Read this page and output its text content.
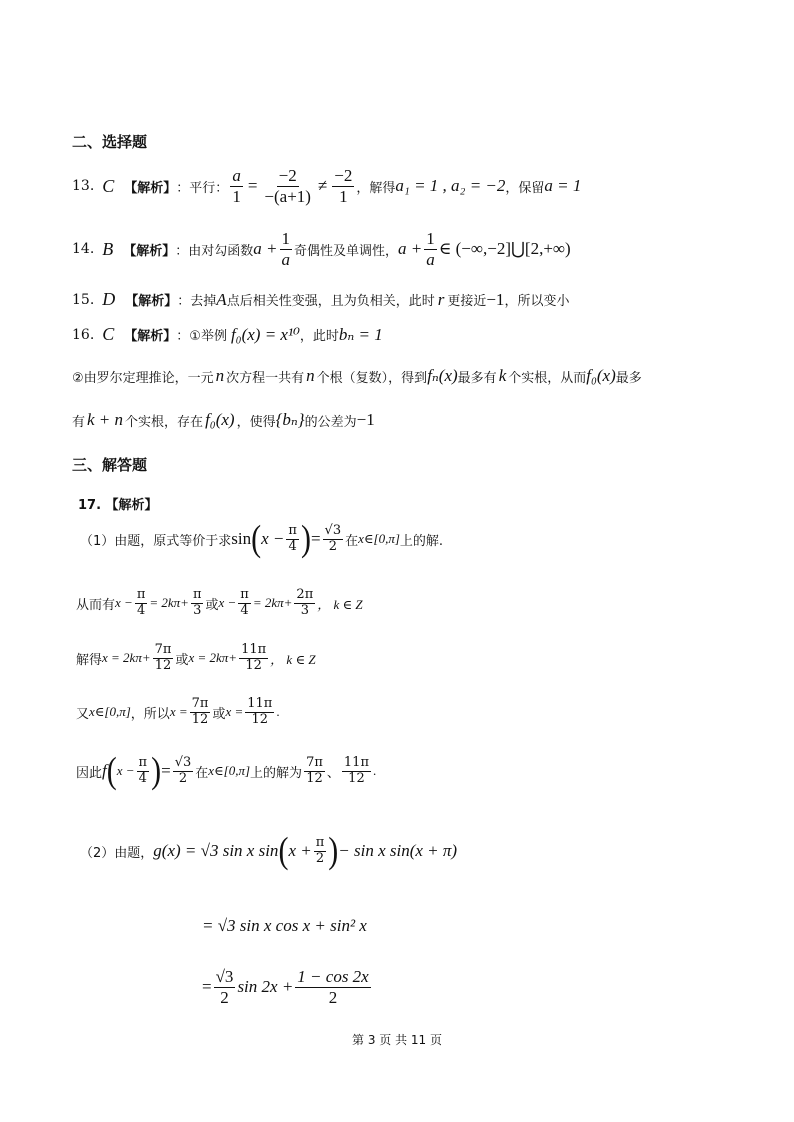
二、选择题
13. C 【解析】 ：平行： $\frac{a}{1} = \frac{-2}{-(a+1)} \ne \frac{-2}{1}$ ，解得 a₁ = 1 , a₂ = −2 ，保留 a = 1
14. B 【解析】 ：由对勾函数 $a + \frac{1}{a}$ 奇偶性及单调性， $a + \frac{1}{a}$ ∈ (−∞,−2]⋃[2,+∞)
15. D 【解析】 ：去掉 A 点后相关性变强，且为负相关，此时 r 更接近 −1 ，所以变小
16. C 【解析】 ：①举例 f₀(x) = x¹⁰ ，此时 bₙ = 1
②由罗尔定理推论，一元 n 次方程一共有 n 个根（复数），得到 fₙ(x) 最多有 k 个实根，从而 f₀(x) 最多
有 k + n 个实根，存在 f₀(x) ，使得 {bₙ} 的公差为 −1
三、解答题
17. 【解析】
（1）由题，原式等价于求 sin ( $x - \frac{\pi}{4}$ ) = $\frac{√3}{2}$ 在 x∈[0,π] 上的解.
从而有 $x - \frac{\pi}{4} = 2k\pi+ \frac{\pi}{3}$ 或 $x - \frac{\pi}{4} = 2k\pi+ \frac{2\pi}{3}$ ， k ∈ Z
解得 $x = 2k\pi+ \frac{7\pi}{12}$ 或 $x = 2k\pi+ \frac{11\pi}{12}$ ， k ∈ Z
又 x∈[0,π] ，所以 $x = \frac{7\pi}{12}$ 或 $x = \frac{11\pi}{12}$ .
因此 f ( $x - \frac{\pi}{4}$ ) = $\frac{√3}{2}$ 在 x∈[0,π] 上的解为 $\frac{7\pi}{12}$ 、 $\frac{11\pi}{12}$ .
（2）由题， g(x) = √3 sin x sin ( $x + \frac{\pi}{2}$ ) − sin x sin(x + π)
= √3 sin x cos x + sin² x
= $\frac{√3}{2}$ $\sin 2x + \frac{1 - \cos 2x}{2}$
第 3 页 共 11 页
